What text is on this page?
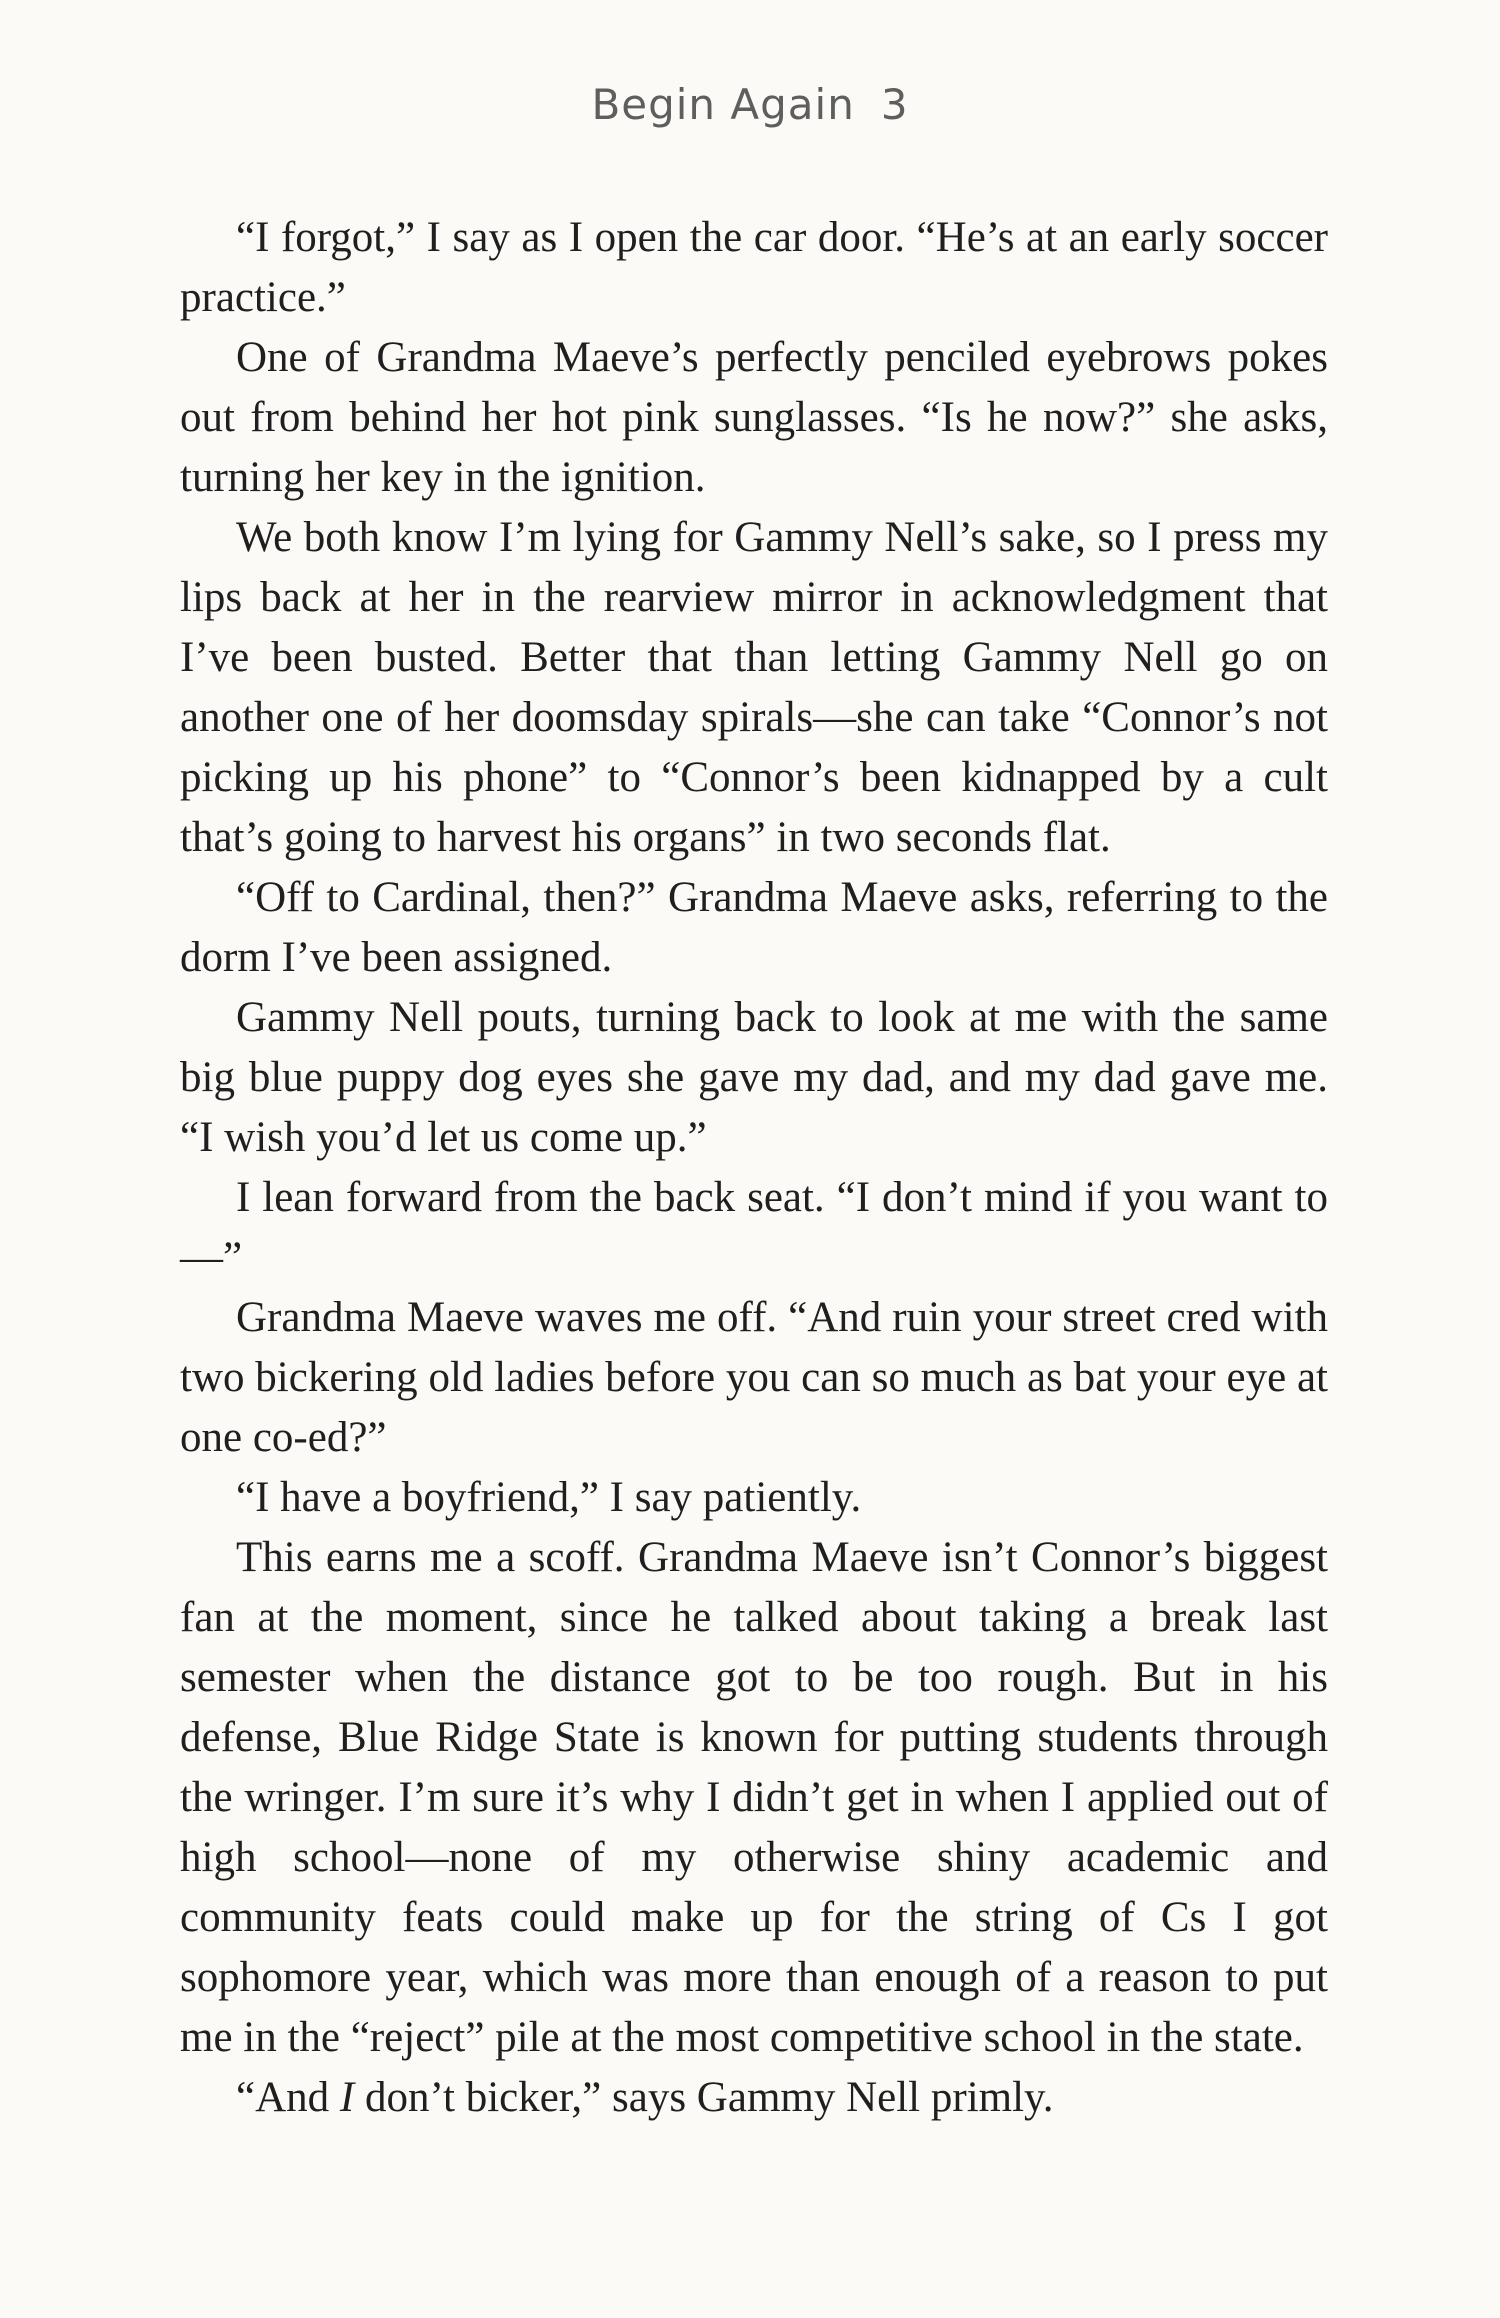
Begin Again 3

“I forgot,” I say as I open the car door. “He’s at an early soccer practice.”

One of Grandma Maeve’s perfectly penciled eyebrows pokes out from behind her hot pink sunglasses. “Is he now?” she asks, turning her key in the ignition.

We both know I’m lying for Gammy Nell’s sake, so I press my lips back at her in the rearview mirror in acknowledgment that I’ve been busted. Better that than letting Gammy Nell go on another one of her doomsday spirals—she can take “Connor’s not picking up his phone” to “Connor’s been kidnapped by a cult that’s going to harvest his organs” in two seconds flat.

“Off to Cardinal, then?” Grandma Maeve asks, referring to the dorm I’ve been assigned.

Gammy Nell pouts, turning back to look at me with the same big blue puppy dog eyes she gave my dad, and my dad gave me. “I wish you’d let us come up.”

I lean forward from the back seat. “I don’t mind if you want to—”

Grandma Maeve waves me off. “And ruin your street cred with two bickering old ladies before you can so much as bat your eye at one co-ed?”

“I have a boyfriend,” I say patiently.

This earns me a scoff. Grandma Maeve isn’t Connor’s biggest fan at the moment, since he talked about taking a break last semester when the distance got to be too rough. But in his defense, Blue Ridge State is known for putting students through the wringer. I’m sure it’s why I didn’t get in when I applied out of high school—none of my otherwise shiny academic and community feats could make up for the string of Cs I got sophomore year, which was more than enough of a reason to put me in the “reject” pile at the most competitive school in the state.

“And I don’t bicker,” says Gammy Nell primly.
